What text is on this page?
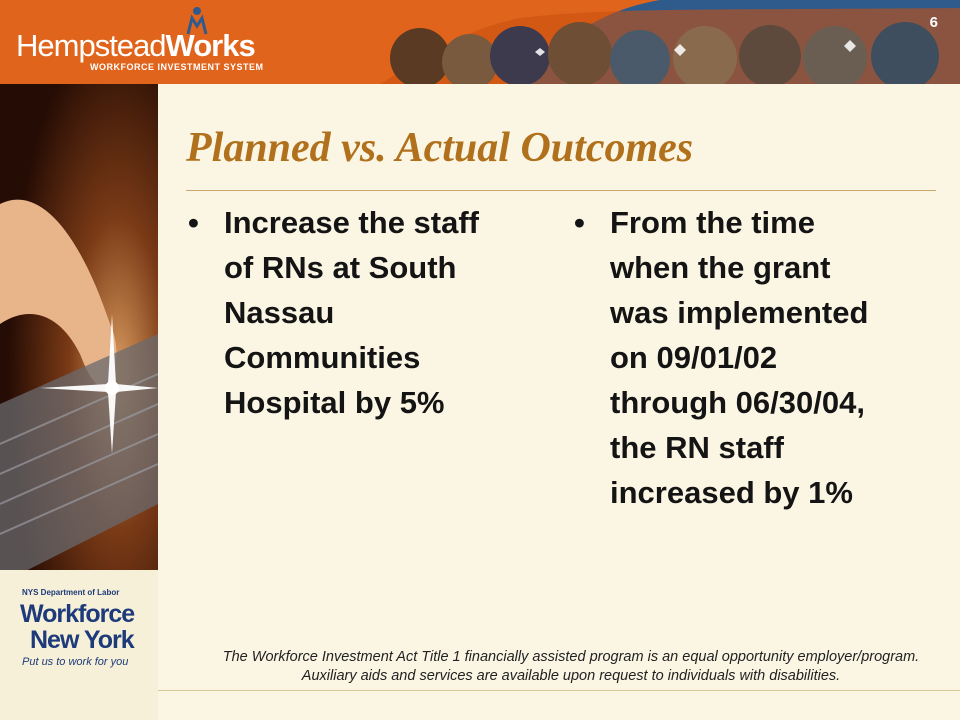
HempsteadWorks
WORKFORCE INVESTMENT SYSTEM
6
NYS Department of Labor
Workforce
New York
Put us to work for you
Planned vs. Actual Outcomes
• Increase the staff
of RNs at South
Nassau
Communities
Hospital by 5%
• From the time
when the grant
was implemented
on 09/01/02
through 06/30/04,
the RN staff
increased by 1%
The Workforce Investment Act Title 1 financially assisted program is an equal opportunity employer/program.
Auxiliary aids and services are available upon request to individuals with disabilities.
